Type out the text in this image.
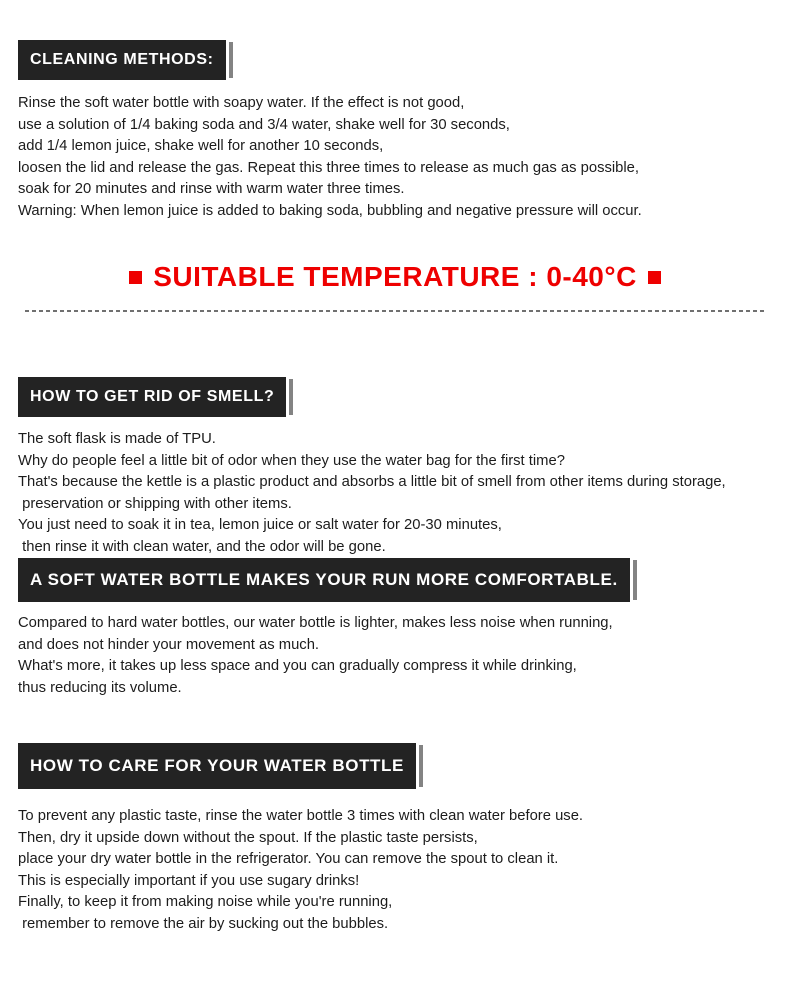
CLEANING METHODS:
Rinse the soft water bottle with soapy water. If the effect is not good,
use a solution of 1/4 baking soda and 3/4 water, shake well for 30 seconds,
add 1/4 lemon juice, shake well for another 10 seconds,
loosen the lid and release the gas. Repeat this three times to release as much gas as possible,
soak for 20 minutes and rinse with warm water three times.
Warning: When lemon juice is added to baking soda, bubbling and negative pressure will occur.
SUITABLE TEMPERATURE : 0-40°C
HOW TO GET RID OF SMELL?
The soft flask is made of TPU.
Why do people feel a little bit of odor when they use the water bag for the first time?
That's because the kettle is a plastic product and absorbs a little bit of smell from other items during storage,
preservation or shipping with other items.
You just need to soak it in tea, lemon juice or salt water for 20-30 minutes,
then rinse it with clean water, and the odor will be gone.
A SOFT WATER BOTTLE MAKES YOUR RUN MORE COMFORTABLE.
Compared to hard water bottles, our water bottle is lighter, makes less noise when running,
and does not hinder your movement as much.
What's more, it takes up less space and you can gradually compress it while drinking,
thus reducing its volume.
HOW TO CARE FOR YOUR WATER BOTTLE
To prevent any plastic taste, rinse the water bottle 3 times with clean water before use.
Then, dry it upside down without the spout. If the plastic taste persists,
place your dry water bottle in the refrigerator. You can remove the spout to clean it.
This is especially important if you use sugary drinks!
Finally, to keep it from making noise while you're running,
remember to remove the air by sucking out the bubbles.
